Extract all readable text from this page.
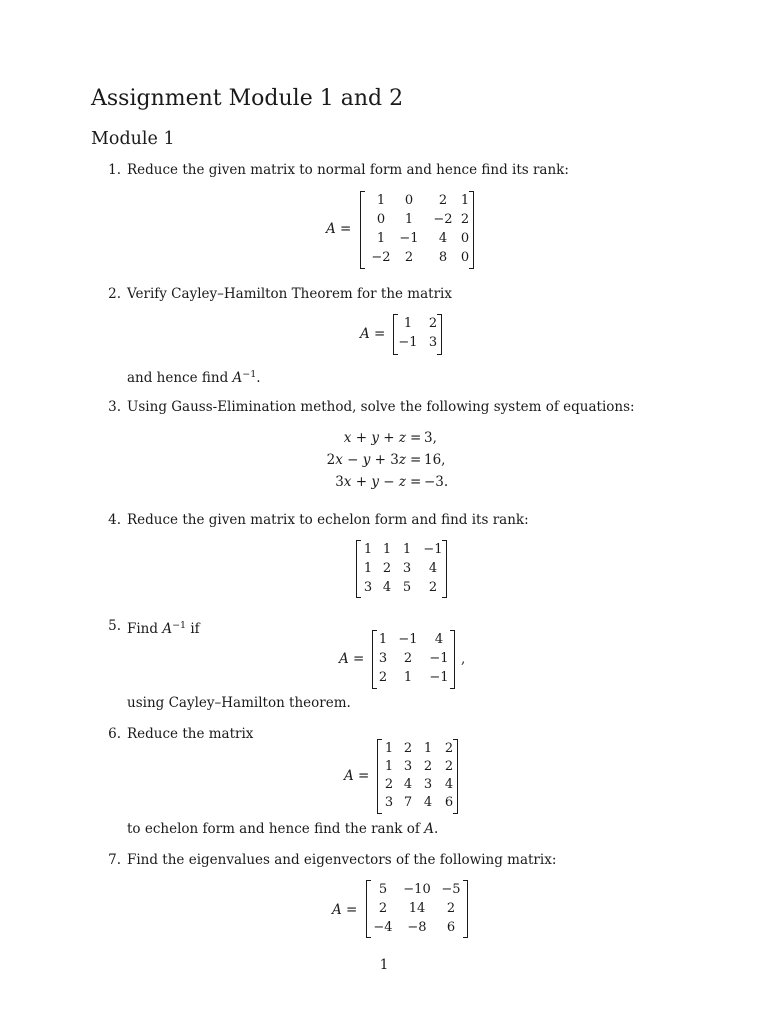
Assignment Module 1 and 2
Module 1
1. Reduce the given matrix to normal form and hence find its rank:
A =
1	0	2	1
0	1	−2 2
1	−1	4	0
−2	2	8	0
2. Verify Cayley–Hamilton Theorem for the matrix
A =
1	2
−1 3
and hence find $A^{-1}$.
3. Using Gauss-Elimination method, solve the following system of equations:
x + y + z = 3,
2x − y + 3z = 16,
3x + y − z = −3.
4. Reduce the given matrix to echelon form and find its rank:
1 1 1 −1
1 2 3	4
3 4 5	2
5. Find $A^{-1}$ if
A =
1 −1	4
3	2	−1
2	1	−1
,
using Cayley–Hamilton theorem.
6. Reduce the matrix
A =
1 2 1 2
1 3 2 2
2 4 3 4
3 7 4 6
to echelon form and hence find the rank of A.
7. Find the eigenvalues and eigenvectors of the following matrix:
A =
5	−10 −5
2	14	2
−4	−8	6
1
